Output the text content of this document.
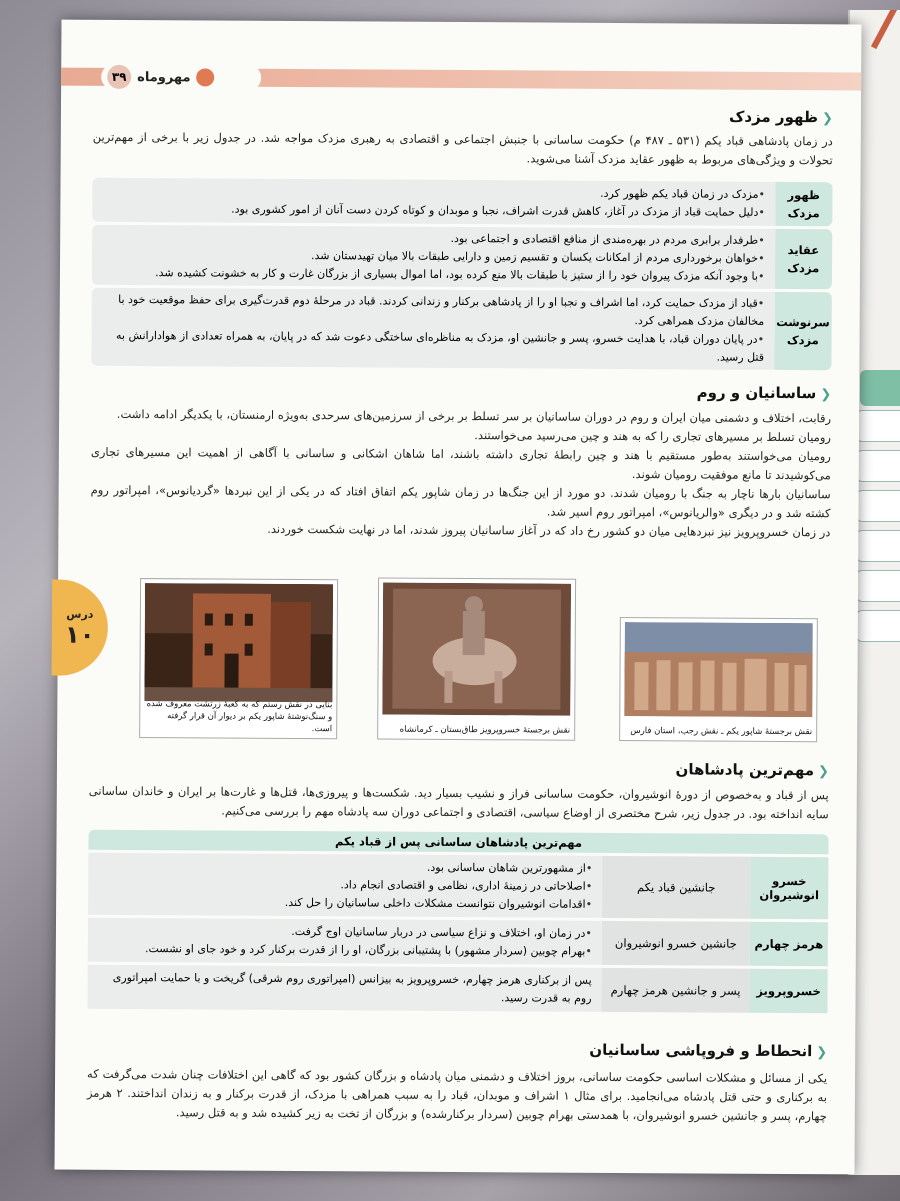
۳۹ مهروماه
❮ظهور مزدک
در زمان پادشاهی قباد یکم (۵۳۱ ـ ۴۸۷ م) حکومت ساسانی با جنبش اجتماعی و اقتصادی به رهبری مزدک مواجه شد. در جدول زیر با برخی از مهم‌ترین تحولات و ویژگی‌های مربوط به ظهور عقاید مزدک آشنا می‌شوید.
• مزدک در زمان قباد یکم ظهور کرد.
• دلیل حمایت قباد از مزدک در آغاز، کاهش قدرت اشراف، نجبا و موبدان و کوتاه کردن دست آنان از امور کشوری بود.	ظهور مزدک

• طرفدار برابری مردم در بهره‌مندی از منافع اقتصادی و اجتماعی بود.
• خواهان برخورداری مردم از امکانات یکسان و تقسیم زمین و دارایی طبقات بالا میان تهیدستان شد.
• با وجود آنکه مزدک پیروان خود را از ستیز با طبقات بالا منع کرده بود، اما اموال بسیاری از بزرگان غارت و کار به خشونت کشیده شد.	عقاید مزدک

• قباد از مزدک حمایت کرد، اما اشراف و نجبا او را از پادشاهی برکنار و زندانی کردند. قباد در مرحلهٔ دوم قدرت‌گیری برای حفظ موقعیت خود با مخالفان مزدک همراهی کرد.
• در پایان دوران قباد، با هدایت خسرو، پسر و جانشین او، مزدک به مناظره‌ای ساختگی دعوت شد که در پایان، به همراه تعدادی از هوادارانش به قتل رسید.	سرنوشت مزدک
❮ساسانیان و روم
رقابت، اختلاف و دشمنی میان ایران و روم در دوران ساسانیان بر سر تسلط بر برخی از سرزمین‌های سرحدی به‌ویژه ارمنستان، با یکدیگر ادامه داشت.
رومیان تسلط بر مسیرهای تجاری را که به هند و چین می‌رسید می‌خواستند.
رومیان می‌خواستند به‌طور مستقیم با هند و چین رابطهٔ تجاری داشته باشند، اما شاهان اشکانی و ساسانی با آگاهی از اهمیت این مسیرهای تجاری می‌کوشیدند تا مانع موفقیت رومیان شوند.
ساسانیان بارها ناچار به جنگ با رومیان شدند. دو مورد از این جنگ‌ها در زمان شاپور یکم اتفاق افتاد که در یکی از این نبردها «گردیانوس»، امپراتور روم کشته شد و در دیگری «والریانوس»، امپراتور روم اسیر شد.
در زمان خسروپرویز نیز نبردهایی میان دو کشور رخ داد که در آغاز ساسانیان پیروز شدند، اما در نهایت شکست خوردند.
درس
۱۰
بنایی در نقش رستم که به کعبهٔ زرتشت معروف شده و سنگ‌نوشتهٔ شاپور یکم بر دیوار آن قرار گرفته است.	نقش برجستهٔ خسروپرویز طاق‌بستان ـ کرمانشاه	نقش برجستهٔ شاپور یکم ـ نقش رجب، استان فارس
❮مهم‌ترین پادشاهان
پس از قباد و به‌خصوص از دورهٔ انوشیروان، حکومت ساسانی فراز و نشیب بسیار دید. شکست‌ها و پیروزی‌ها، قتل‌ها و غارت‌ها بر ایران و خاندان ساسانی سایه انداخته بود. در جدول زیر، شرح مختصری از اوضاع سیاسی، اقتصادی و اجتماعی دوران سه پادشاه مهم را بررسی می‌کنیم.
مهم‌ترین پادشاهان ساسانی پس از قباد یکم
• از مشهورترین شاهان ساسانی بود.
• اصلاحاتی در زمینهٔ اداری، نظامی و اقتصادی انجام داد.
• اقدامات انوشیروان نتوانست مشکلات داخلی ساسانیان را حل کند.	جانشین قباد یکم	خسرو انوشیروان

• در زمان او، اختلاف و نزاع سیاسی در دربار ساسانیان اوج گرفت.
• بهرام چوبین (سردار مشهور) با پشتیبانی بزرگان، او را از قدرت برکنار کرد و خود جای او نشست.	جانشین خسرو انوشیروان	هرمز چهارم

پس از برکناری هرمز چهارم، خسروپرویز به بیزانس (امپراتوری روم شرقی) گریخت و با حمایت امپراتوری روم به قدرت رسید.	پسر و جانشین هرمز چهارم	خسروپرویز
❮انحطاط و فروپاشی ساسانیان
یکی از مسائل و مشکلات اساسی حکومت ساسانی، بروز اختلاف و دشمنی میان پادشاه و بزرگان کشور بود که گاهی این اختلافات چنان شدت می‌گرفت که به برکناری و حتی قتل پادشاه می‌انجامید. برای مثال ۱ اشراف و موبدان، قباد را به سبب همراهی با مزدک، از قدرت برکنار و به زندان انداختند. ۲ هرمز چهارم، پسر و جانشین خسرو انوشیروان، با همدستی بهرام چوبین (سردار برکنارشده) و بزرگان از تخت به زیر کشیده شد و به قتل رسید.
